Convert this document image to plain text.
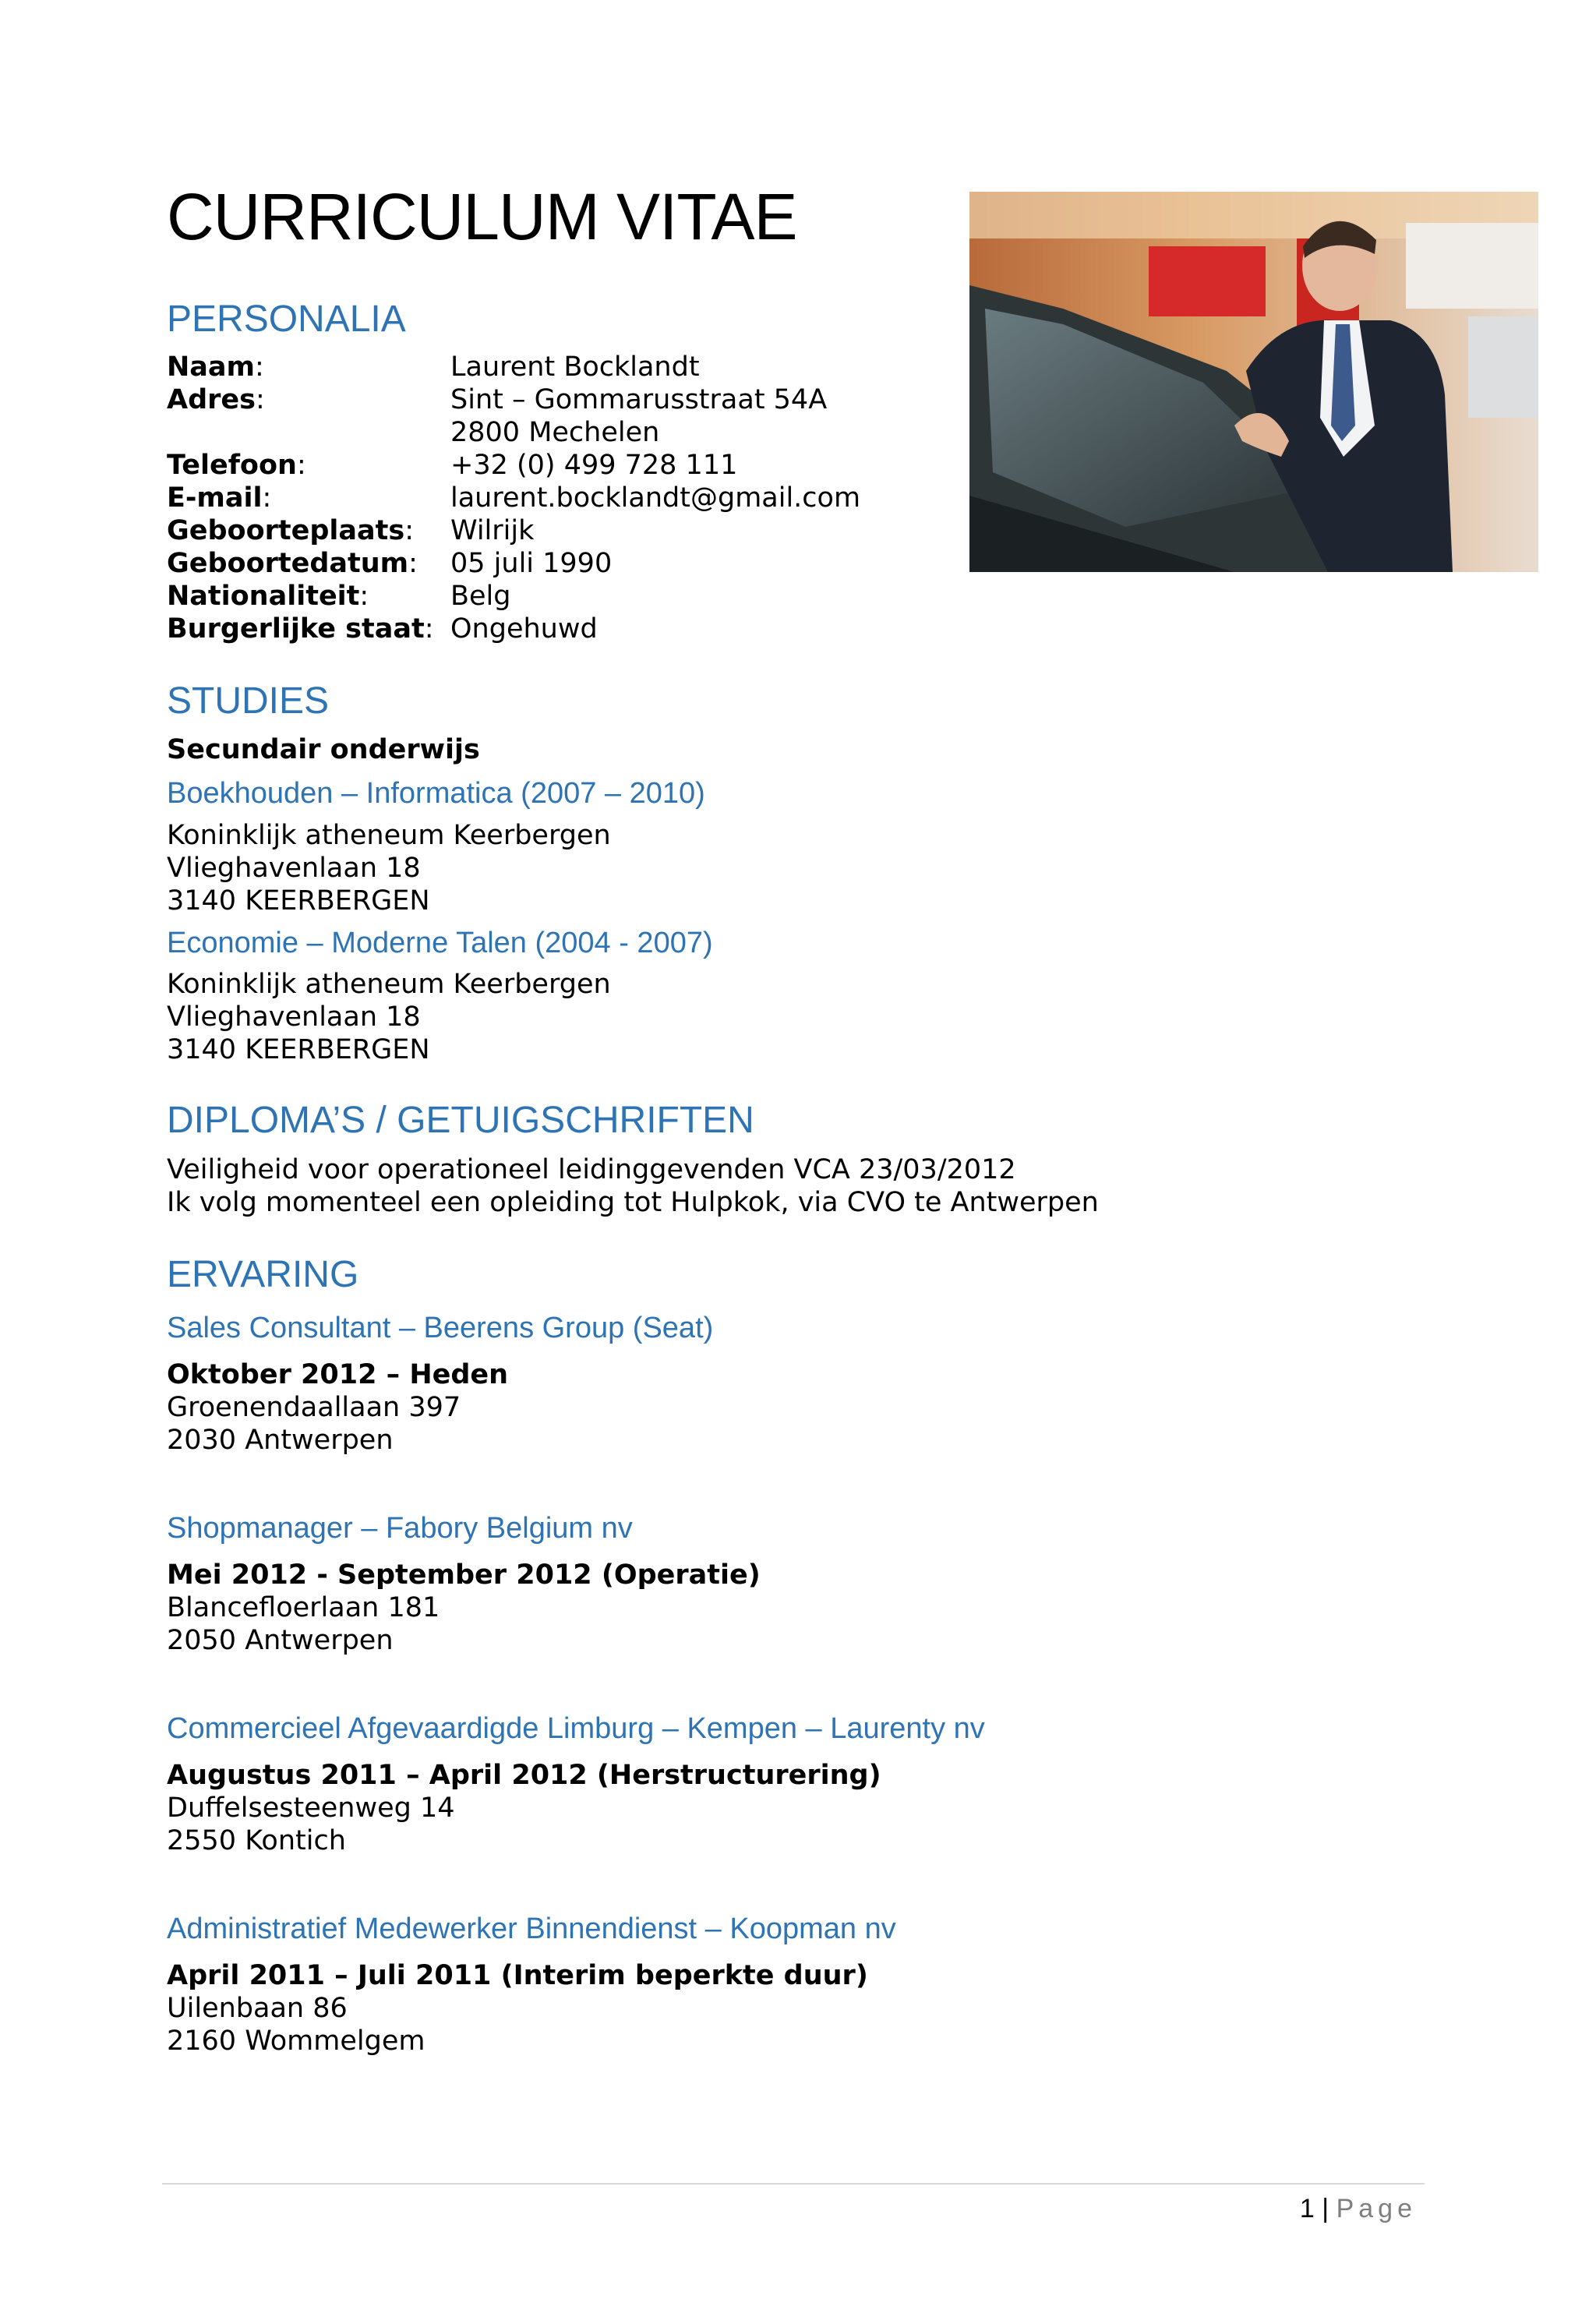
CURRICULUM VITAE
PERSONALIA
Naam:	Laurent Bocklandt
Adres:	Sint – Gommarusstraat 54A
2800 Mechelen
Telefoon:	+32 (0) 499 728 111
E-mail:	laurent.bocklandt@gmail.com
Geboorteplaats:	Wilrijk
Geboortedatum:	05 juli 1990
Nationaliteit:	Belg
Burgerlijke staat: Ongehuwd
STUDIES
Secundair onderwijs
Boekhouden – Informatica (2007 – 2010)
Koninklijk atheneum Keerbergen
Vlieghavenlaan 18
3140 KEERBERGEN
Economie – Moderne Talen (2004 - 2007)
Koninklijk atheneum Keerbergen
Vlieghavenlaan 18
3140 KEERBERGEN
DIPLOMA’S / GETUIGSCHRIFTEN
Veiligheid voor operationeel leidinggevenden VCA 23/03/2012
Ik volg momenteel een opleiding tot Hulpkok, via CVO te Antwerpen
ERVARING
Sales Consultant – Beerens Group (Seat)
Oktober 2012 – Heden
Groenendaallaan 397
2030 Antwerpen
Shopmanager – Fabory Belgium nv
Mei 2012 - September 2012 (Operatie)
Blancefloerlaan 181
2050 Antwerpen
Commercieel Afgevaardigde Limburg – Kempen – Laurenty nv
Augustus 2011 – April 2012 (Herstructurering)
Duffelsesteenweg 14
2550 Kontich
Administratief Medewerker Binnendienst – Koopman nv
April 2011 – Juli 2011 (Interim beperkte duur)
Uilenbaan 86
2160 Wommelgem
1 | Page
